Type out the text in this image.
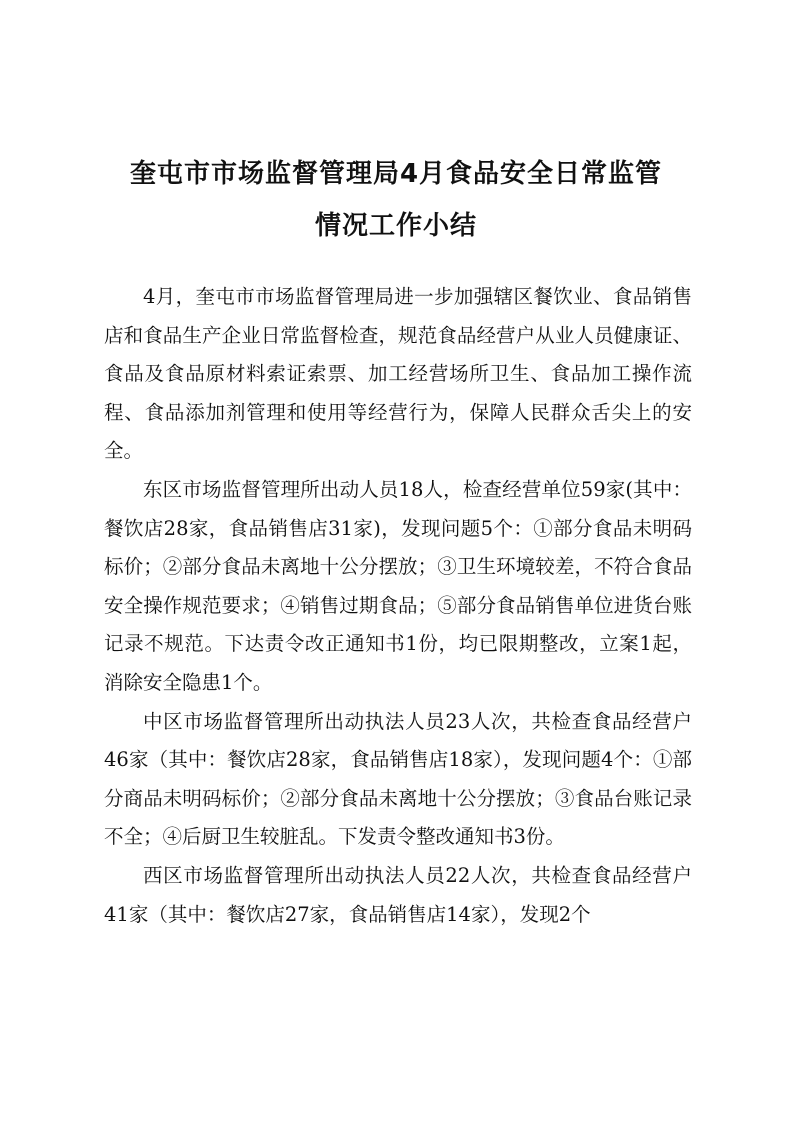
奎屯市市场监督管理局4月食品安全日常监管
情况工作小结

4月，奎屯市市场监督管理局进一步加强辖区餐饮业、食品销售店和食品生产企业日常监督检查，规范食品经营户从业人员健康证、食品及食品原材料索证索票、加工经营场所卫生、食品加工操作流程、食品添加剂管理和使用等经营行为，保障人民群众舌尖上的安全。

东区市场监督管理所出动人员18人，检查经营单位59家(其中：餐饮店28家，食品销售店31家)，发现问题5个：①部分食品未明码标价；②部分食品未离地十公分摆放；③卫生环境较差，不符合食品安全操作规范要求；④销售过期食品；⑤部分食品销售单位进货台账记录不规范。下达责令改正通知书1份，均已限期整改，立案1起，消除安全隐患1个。

中区市场监督管理所出动执法人员23人次，共检查食品经营户46家（其中：餐饮店28家，食品销售店18家），发现问题4个：①部分商品未明码标价；②部分食品未离地十公分摆放；③食品台账记录不全；④后厨卫生较脏乱。下发责令整改通知书3份。

西区市场监督管理所出动执法人员22人次，共检查食品经营户41家（其中：餐饮店27家，食品销售店14家），发现2个
